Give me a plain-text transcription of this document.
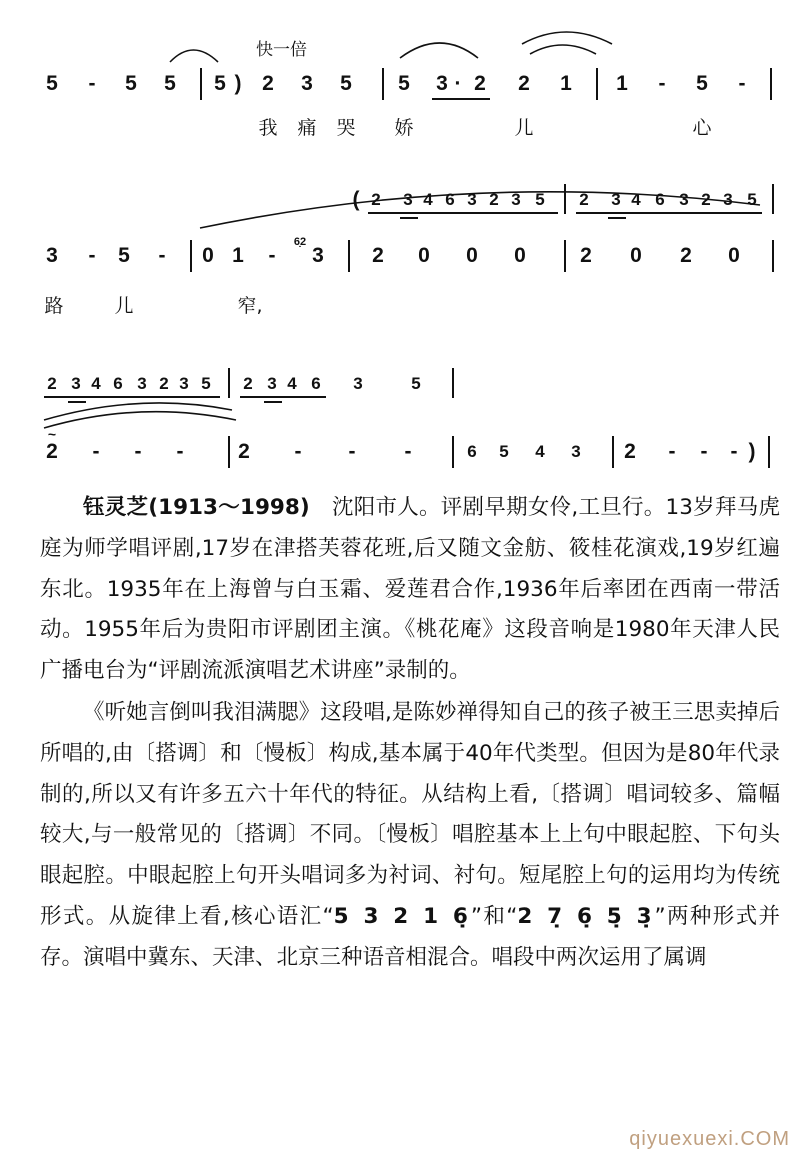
快一倍
5 - 5 5 5 ) 2 3 5 5 3 · 2 2 1 1 - 5 -
我 痛 哭 娇	儿	心
( 2 3 4 6 3 2 3 5 2 3 4 6 3 2 3 5
3 - 5 - 0 1 -
6̣2
3 2 0 0 0	2 0 2 0
路	儿	窄,
2 3 4 6 3 2 3 5 2 3 4 6 3	5
~
2 - - -	2 - - -	6 5 4 3 2 - - - )

钰灵芝(1913～1998) 沈阳市人。评剧早期女伶,工旦行。13岁拜马虎庭为师学唱评剧,17岁在津搭芙蓉花班,后又随文金舫、筱桂花演戏,19岁红遍东北。1935年在上海曾与白玉霜、爱莲君合作,1936年后率团在西南一带活动。1955年后为贵阳市评剧团主演。《桃花庵》这段音响是1980年天津人民广播电台为“评剧流派演唱艺术讲座”录制的。

《听她言倒叫我泪满腮》这段唱,是陈妙禅得知自己的孩子被王三思卖掉后所唱的,由〔搭调〕和〔慢板〕构成,基本属于40年代类型。但因为是80年代录制的,所以又有许多五六十年代的特征。从结构上看,〔搭调〕唱词较多、篇幅较大,与一般常见的〔搭调〕不同。〔慢板〕唱腔基本上上句中眼起腔、下句头眼起腔。中眼起腔上句开头唱词多为衬词、衬句。短尾腔上句的运用均为传统形式。从旋律上看,核心语汇“5 3 2 1 6̣”和“2 7̣ 6̣ 5̣ 3̣”两种形式并存。演唱中冀东、天津、北京三种语音相混合。唱段中两次运用了属调

qiyuexuexi.COM
